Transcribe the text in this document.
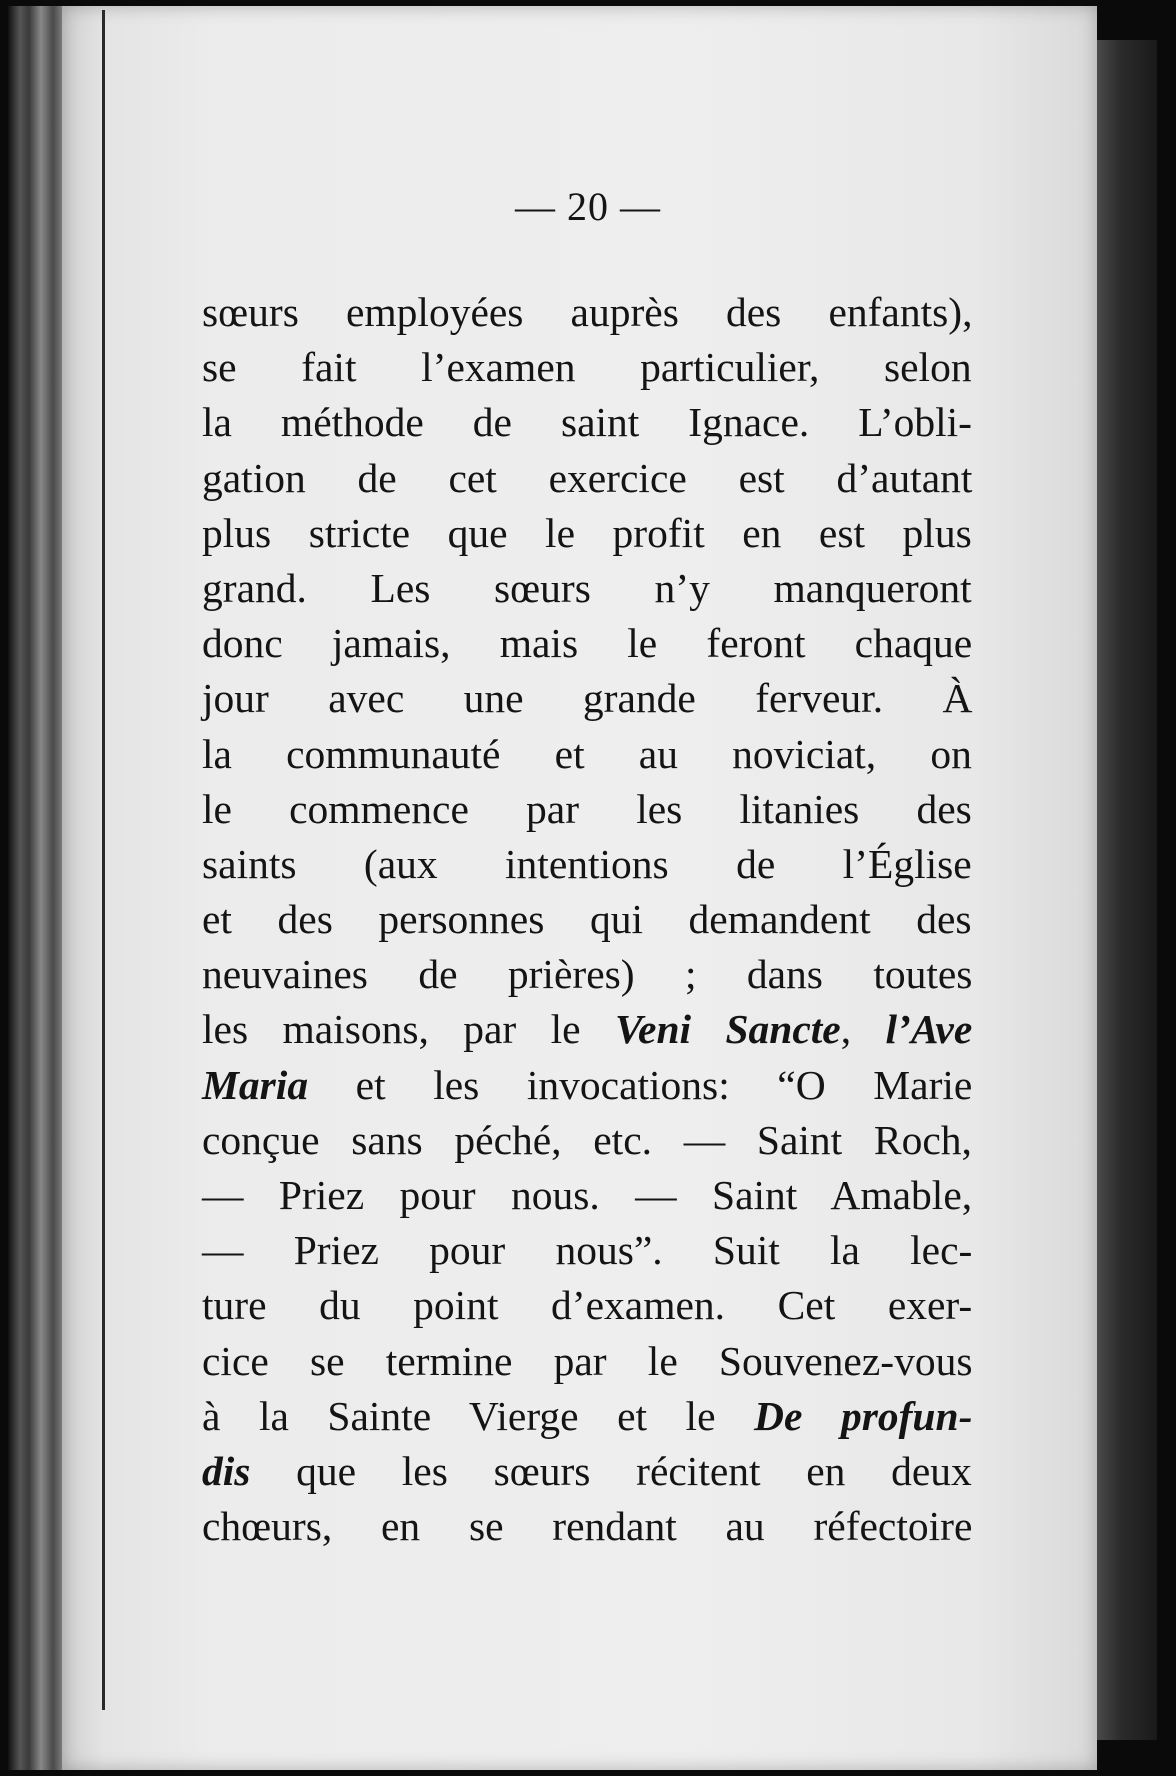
— 20 —
sœurs employées auprès des enfants),
se fait l’examen particulier, selon
la méthode de saint Ignace. L’obli-
gation de cet exercice est d’autant
plus stricte que le profit en est plus
grand. Les sœurs n’y manqueront
donc jamais, mais le feront chaque
jour avec une grande ferveur. À
la communauté et au noviciat, on
le commence par les litanies des
saints (aux intentions de l’Église
et des personnes qui demandent des
neuvaines de prières) ; dans toutes
les maisons, par le Veni Sancte, l’Ave
Maria et les invocations: “O Marie
conçue sans péché, etc. — Saint Roch,
— Priez pour nous. — Saint Amable,
— Priez pour nous”. Suit la lec-
ture du point d’examen. Cet exer-
cice se termine par le Souvenez-vous
à la Sainte Vierge et le De profun-
dis que les sœurs récitent en deux
chœurs, en se rendant au réfectoire
